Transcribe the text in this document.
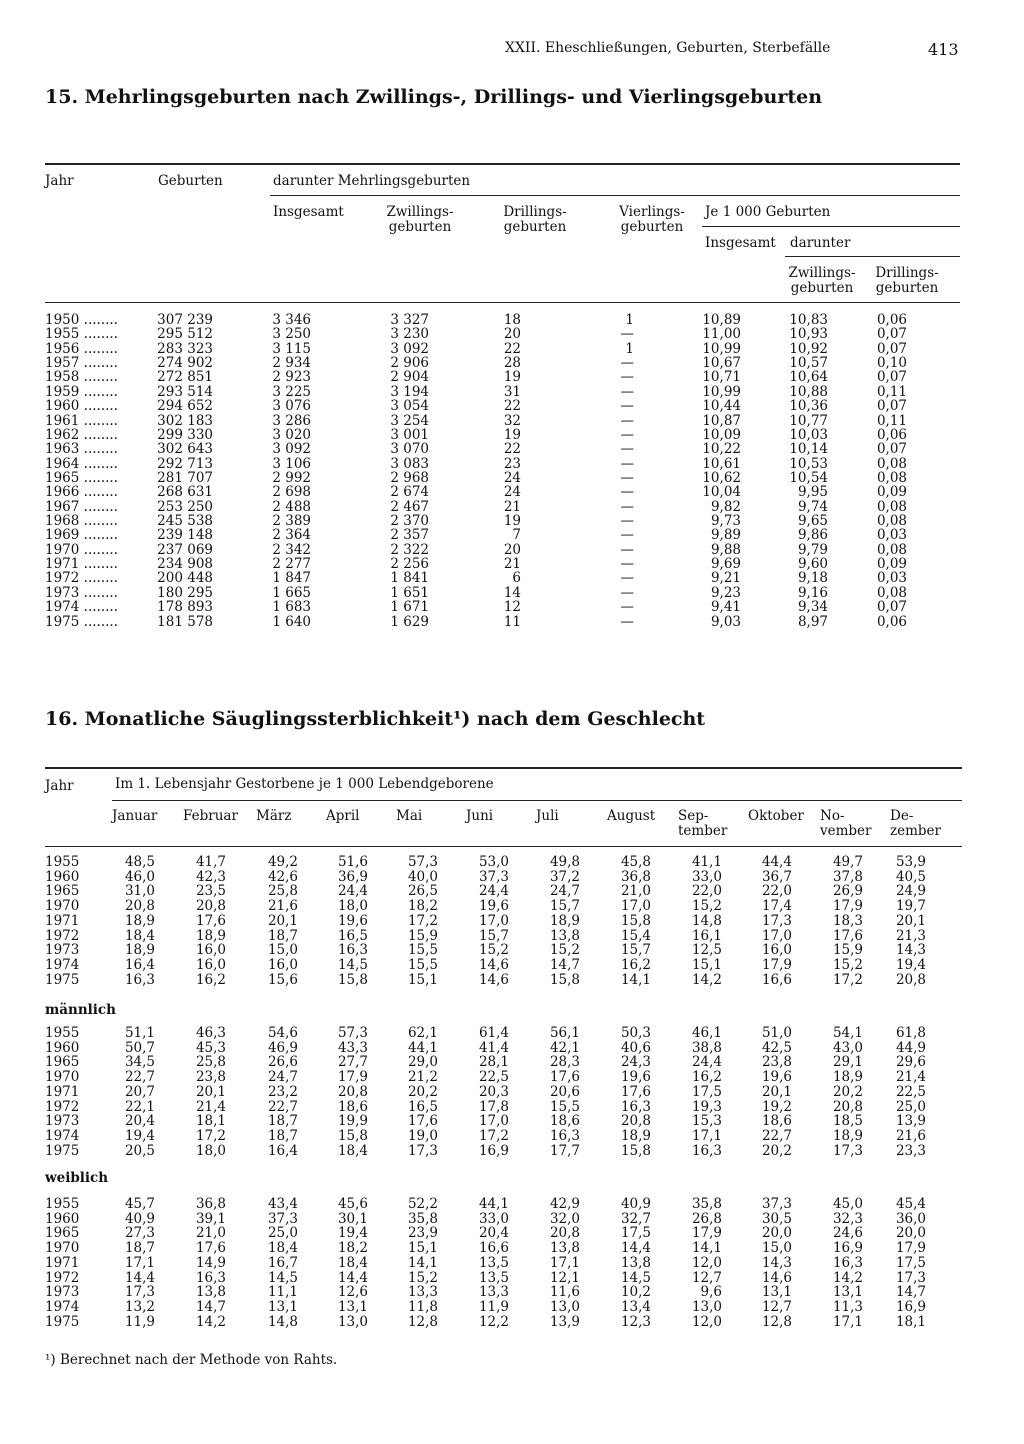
XXII. Eheschließungen, Geburten, Sterbefälle	413
15. Mehrlingsgeburten nach Zwillings-, Drillings- und Vierlingsgeburten
Jahr	Geburten	darunter Mehrlingsgeburten
Insgesamt	Zwillings-
geburten
Drillings-
geburten
Vierlings-
geburten
Je 1 000 Geburten
Insgesamt darunter
Zwillings-
geburten
Drillings-
geburten
1950 ........	307 239	3 346	3 327	18	1	10,89	10,83	0,06
1955 ........	295 512	3 250	3 230	20	—	11,00	10,93	0,07
1956 ........	283 323	3 115	3 092	22	1	10,99	10,92	0,07
1957 ........	274 902	2 934	2 906	28	—	10,67	10,57	0,10
1958 ........	272 851	2 923	2 904	19	—	10,71	10,64	0,07
1959 ........	293 514	3 225	3 194	31	—	10,99	10,88	0,11
1960 ........	294 652	3 076	3 054	22	—	10,44	10,36	0,07
1961 ........	302 183	3 286	3 254	32	—	10,87	10,77	0,11
1962 ........	299 330	3 020	3 001	19	—	10,09	10,03	0,06
1963 ........	302 643	3 092	3 070	22	—	10,22	10,14	0,07
1964 ........	292 713	3 106	3 083	23	—	10,61	10,53	0,08
1965 ........	281 707	2 992	2 968	24	—	10,62	10,54	0,08
1966 ........	268 631	2 698	2 674	24	—	10,04	9,95	0,09
1967 ........	253 250	2 488	2 467	21	—	9,82	9,74	0,08
1968 ........	245 538	2 389	2 370	19	—	9,73	9,65	0,08
1969 ........	239 148	2 364	2 357	7	—	9,89	9,86	0,03
1970 ........	237 069	2 342	2 322	20	—	9,88	9,79	0,08
1971 ........	234 908	2 277	2 256	21	—	9,69	9,60	0,09
1972 ........	200 448	1 847	1 841	6	—	9,21	9,18	0,03
1973 ........	180 295	1 665	1 651	14	—	9,23	9,16	0,08
1974 ........	178 893	1 683	1 671	12	—	9,41	9,34	0,07
1975 ........	181 578	1 640	1 629	11	—	9,03	8,97	0,06
16. Monatliche Säuglingssterblichkeit¹) nach dem Geschlecht
Jahr	Im 1. Lebensjahr Gestorbene je 1 000 Lebendgeborene
Januar Februar März	April	Mai	Juni	Juli	August Sep-
tember
Oktober No-
vember
De-
zember
1955	48,5	41,7	49,2	51,6	57,3	53,0	49,8	45,8	41,1	44,4	49,7 53,9
1960	46,0	42,3	42,6	36,9	40,0	37,3	37,2	36,8	33,0	36,7	37,8 40,5
1965	31,0	23,5	25,8	24,4	26,5	24,4	24,7	21,0	22,0	22,0	26,9 24,9
1970	20,8	20,8	21,6	18,0	18,2	19,6	15,7	17,0	15,2	17,4	17,9 19,7
1971	18,9	17,6	20,1	19,6	17,2	17,0	18,9	15,8	14,8	17,3	18,3 20,1
1972	18,4	18,9	18,7	16,5	15,9	15,7	13,8	15,4	16,1	17,0	17,6 21,3
1973	18,9	16,0	15,0	16,3	15,5	15,2	15,2	15,7	12,5	16,0	15,9 14,3
1974	16,4	16,0	16,0	14,5	15,5	14,6	14,7	16,2	15,1	17,9	15,2 19,4
1975	16,3	16,2	15,6	15,8	15,1	14,6	15,8	14,1	14,2	16,6	17,2 20,8
männlich
1955	51,1	46,3	54,6	57,3	62,1	61,4	56,1	50,3	46,1	51,0	54,1 61,8
1960	50,7	45,3	46,9	43,3	44,1	41,4	42,1	40,6	38,8	42,5	43,0 44,9
1965	34,5	25,8	26,6	27,7	29,0	28,1	28,3	24,3	24,4	23,8	29,1 29,6
1970	22,7	23,8	24,7	17,9	21,2	22,5	17,6	19,6	16,2	19,6	18,9 21,4
1971	20,7	20,1	23,2	20,8	20,2	20,3	20,6	17,6	17,5	20,1	20,2 22,5
1972	22,1	21,4	22,7	18,6	16,5	17,8	15,5	16,3	19,3	19,2	20,8 25,0
1973	20,4	18,1	18,7	19,9	17,6	17,0	18,6	20,8	15,3	18,6	18,5 13,9
1974	19,4	17,2	18,7	15,8	19,0	17,2	16,3	18,9	17,1	22,7	18,9 21,6
1975	20,5	18,0	16,4	18,4	17,3	16,9	17,7	15,8	16,3	20,2	17,3 23,3
weiblich
1955	45,7	36,8	43,4	45,6	52,2	44,1	42,9	40,9	35,8	37,3	45,0 45,4
1960	40,9	39,1	37,3	30,1	35,8	33,0	32,0	32,7	26,8	30,5	32,3 36,0
1965	27,3	21,0	25,0	19,4	23,9	20,4	20,8	17,5	17,9	20,0	24,6 20,0
1970	18,7	17,6	18,4	18,2	15,1	16,6	13,8	14,4	14,1	15,0	16,9 17,9
1971	17,1	14,9	16,7	18,4	14,1	13,5	17,1	13,8	12,0	14,3	16,3 17,5
1972	14,4	16,3	14,5	14,4	15,2	13,5	12,1	14,5	12,7	14,6	14,2 17,3
1973	17,3	13,8	11,1	12,6	13,3	13,3	11,6	10,2	9,6	13,1	13,1 14,7
1974	13,2	14,7	13,1	13,1	11,8	11,9	13,0	13,4	13,0	12,7	11,3 16,9
1975	11,9	14,2	14,8	13,0	12,8	12,2	13,9	12,3	12,0	12,8	17,1 18,1
¹) Berechnet nach der Methode von Rahts.
